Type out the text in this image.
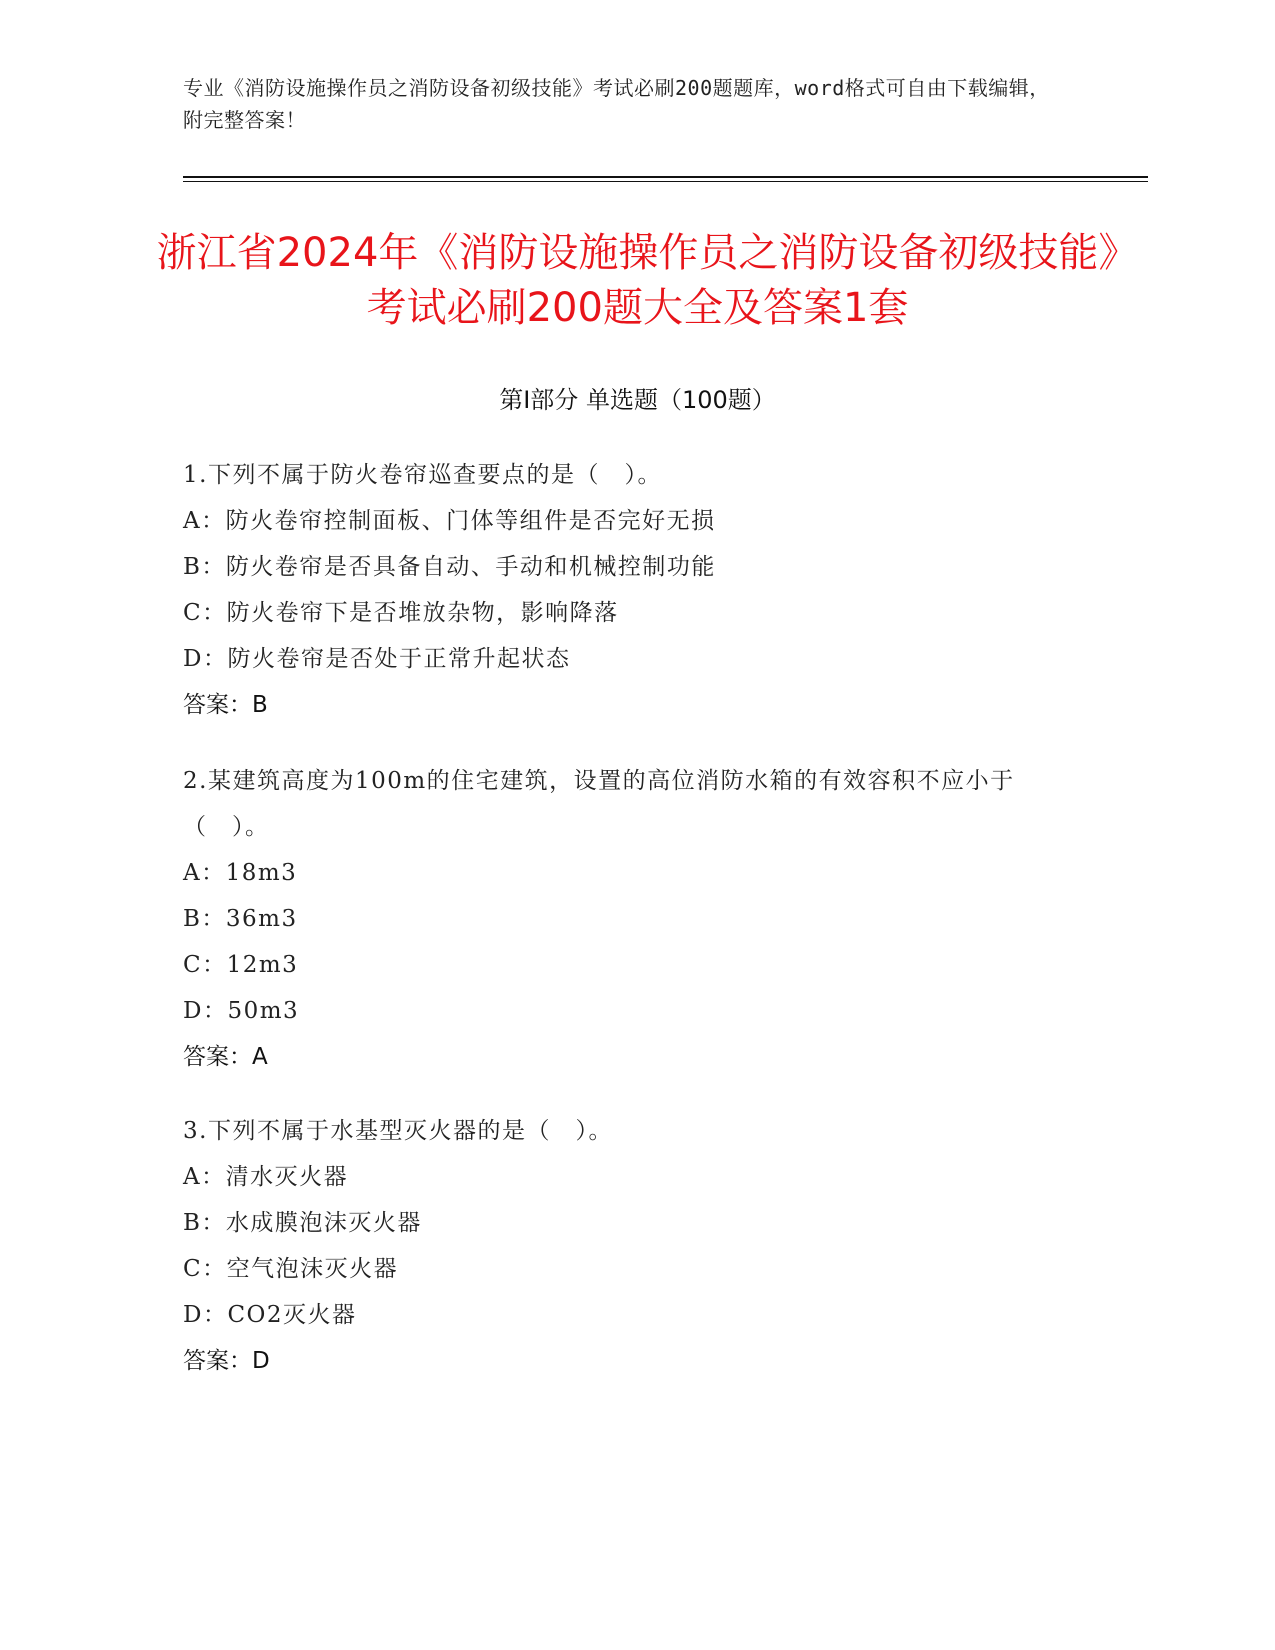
专业《消防设施操作员之消防设备初级技能》考试必刷200题题库，word格式可自由下载编辑，附完整答案！
浙江省2024年《消防设施操作员之消防设备初级技能》考试必刷200题大全及答案1套
第I部分 单选题（100题）
1.下列不属于防火卷帘巡查要点的是（　）。
A：防火卷帘控制面板、门体等组件是否完好无损
B：防火卷帘是否具备自动、手动和机械控制功能
C：防火卷帘下是否堆放杂物，影响降落
D：防火卷帘是否处于正常升起状态
答案：B
2.某建筑高度为100m的住宅建筑，设置的高位消防水箱的有效容积不应小于（　）。
A：18m3
B：36m3
C：12m3
D：50m3
答案：A
3.下列不属于水基型灭火器的是（　）。
A：清水灭火器
B：水成膜泡沫灭火器
C：空气泡沫灭火器
D：CO2灭火器
答案：D
